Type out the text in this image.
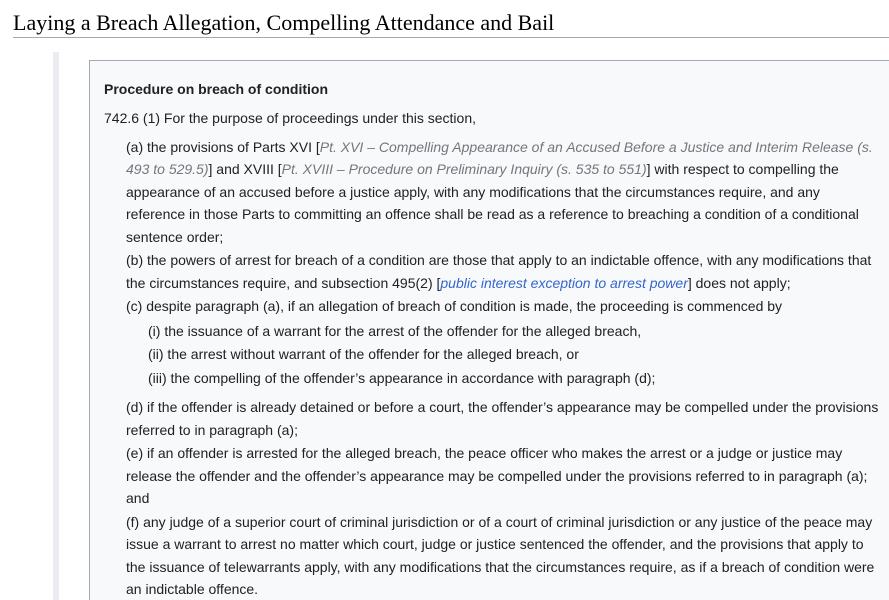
Laying a Breach Allegation, Compelling Attendance and Bail
Procedure on breach of condition
742.6 (1) For the purpose of proceedings under this section,
(a) the provisions of Parts XVI [Pt. XVI – Compelling Appearance of an Accused Before a Justice and Interim Release (s. 493 to 529.5)] and XVIII [Pt. XVIII – Procedure on Preliminary Inquiry (s. 535 to 551)] with respect to compelling the appearance of an accused before a justice apply, with any modifications that the circumstances require, and any reference in those Parts to committing an offence shall be read as a reference to breaching a condition of a conditional sentence order;
(b) the powers of arrest for breach of a condition are those that apply to an indictable offence, with any modifications that the circumstances require, and subsection 495(2) [public interest exception to arrest power] does not apply;
(c) despite paragraph (a), if an allegation of breach of condition is made, the proceeding is commenced by
(i) the issuance of a warrant for the arrest of the offender for the alleged breach,
(ii) the arrest without warrant of the offender for the alleged breach, or
(iii) the compelling of the offender’s appearance in accordance with paragraph (d);
(d) if the offender is already detained or before a court, the offender’s appearance may be compelled under the provisions referred to in paragraph (a);
(e) if an offender is arrested for the alleged breach, the peace officer who makes the arrest or a judge or justice may release the offender and the offender’s appearance may be compelled under the provisions referred to in paragraph (a); and
(f) any judge of a superior court of criminal jurisdiction or of a court of criminal jurisdiction or any justice of the peace may issue a warrant to arrest no matter which court, judge or justice sentenced the offender, and the provisions that apply to the issuance of telewarrants apply, with any modifications that the circumstances require, as if a breach of condition were an indictable offence.
